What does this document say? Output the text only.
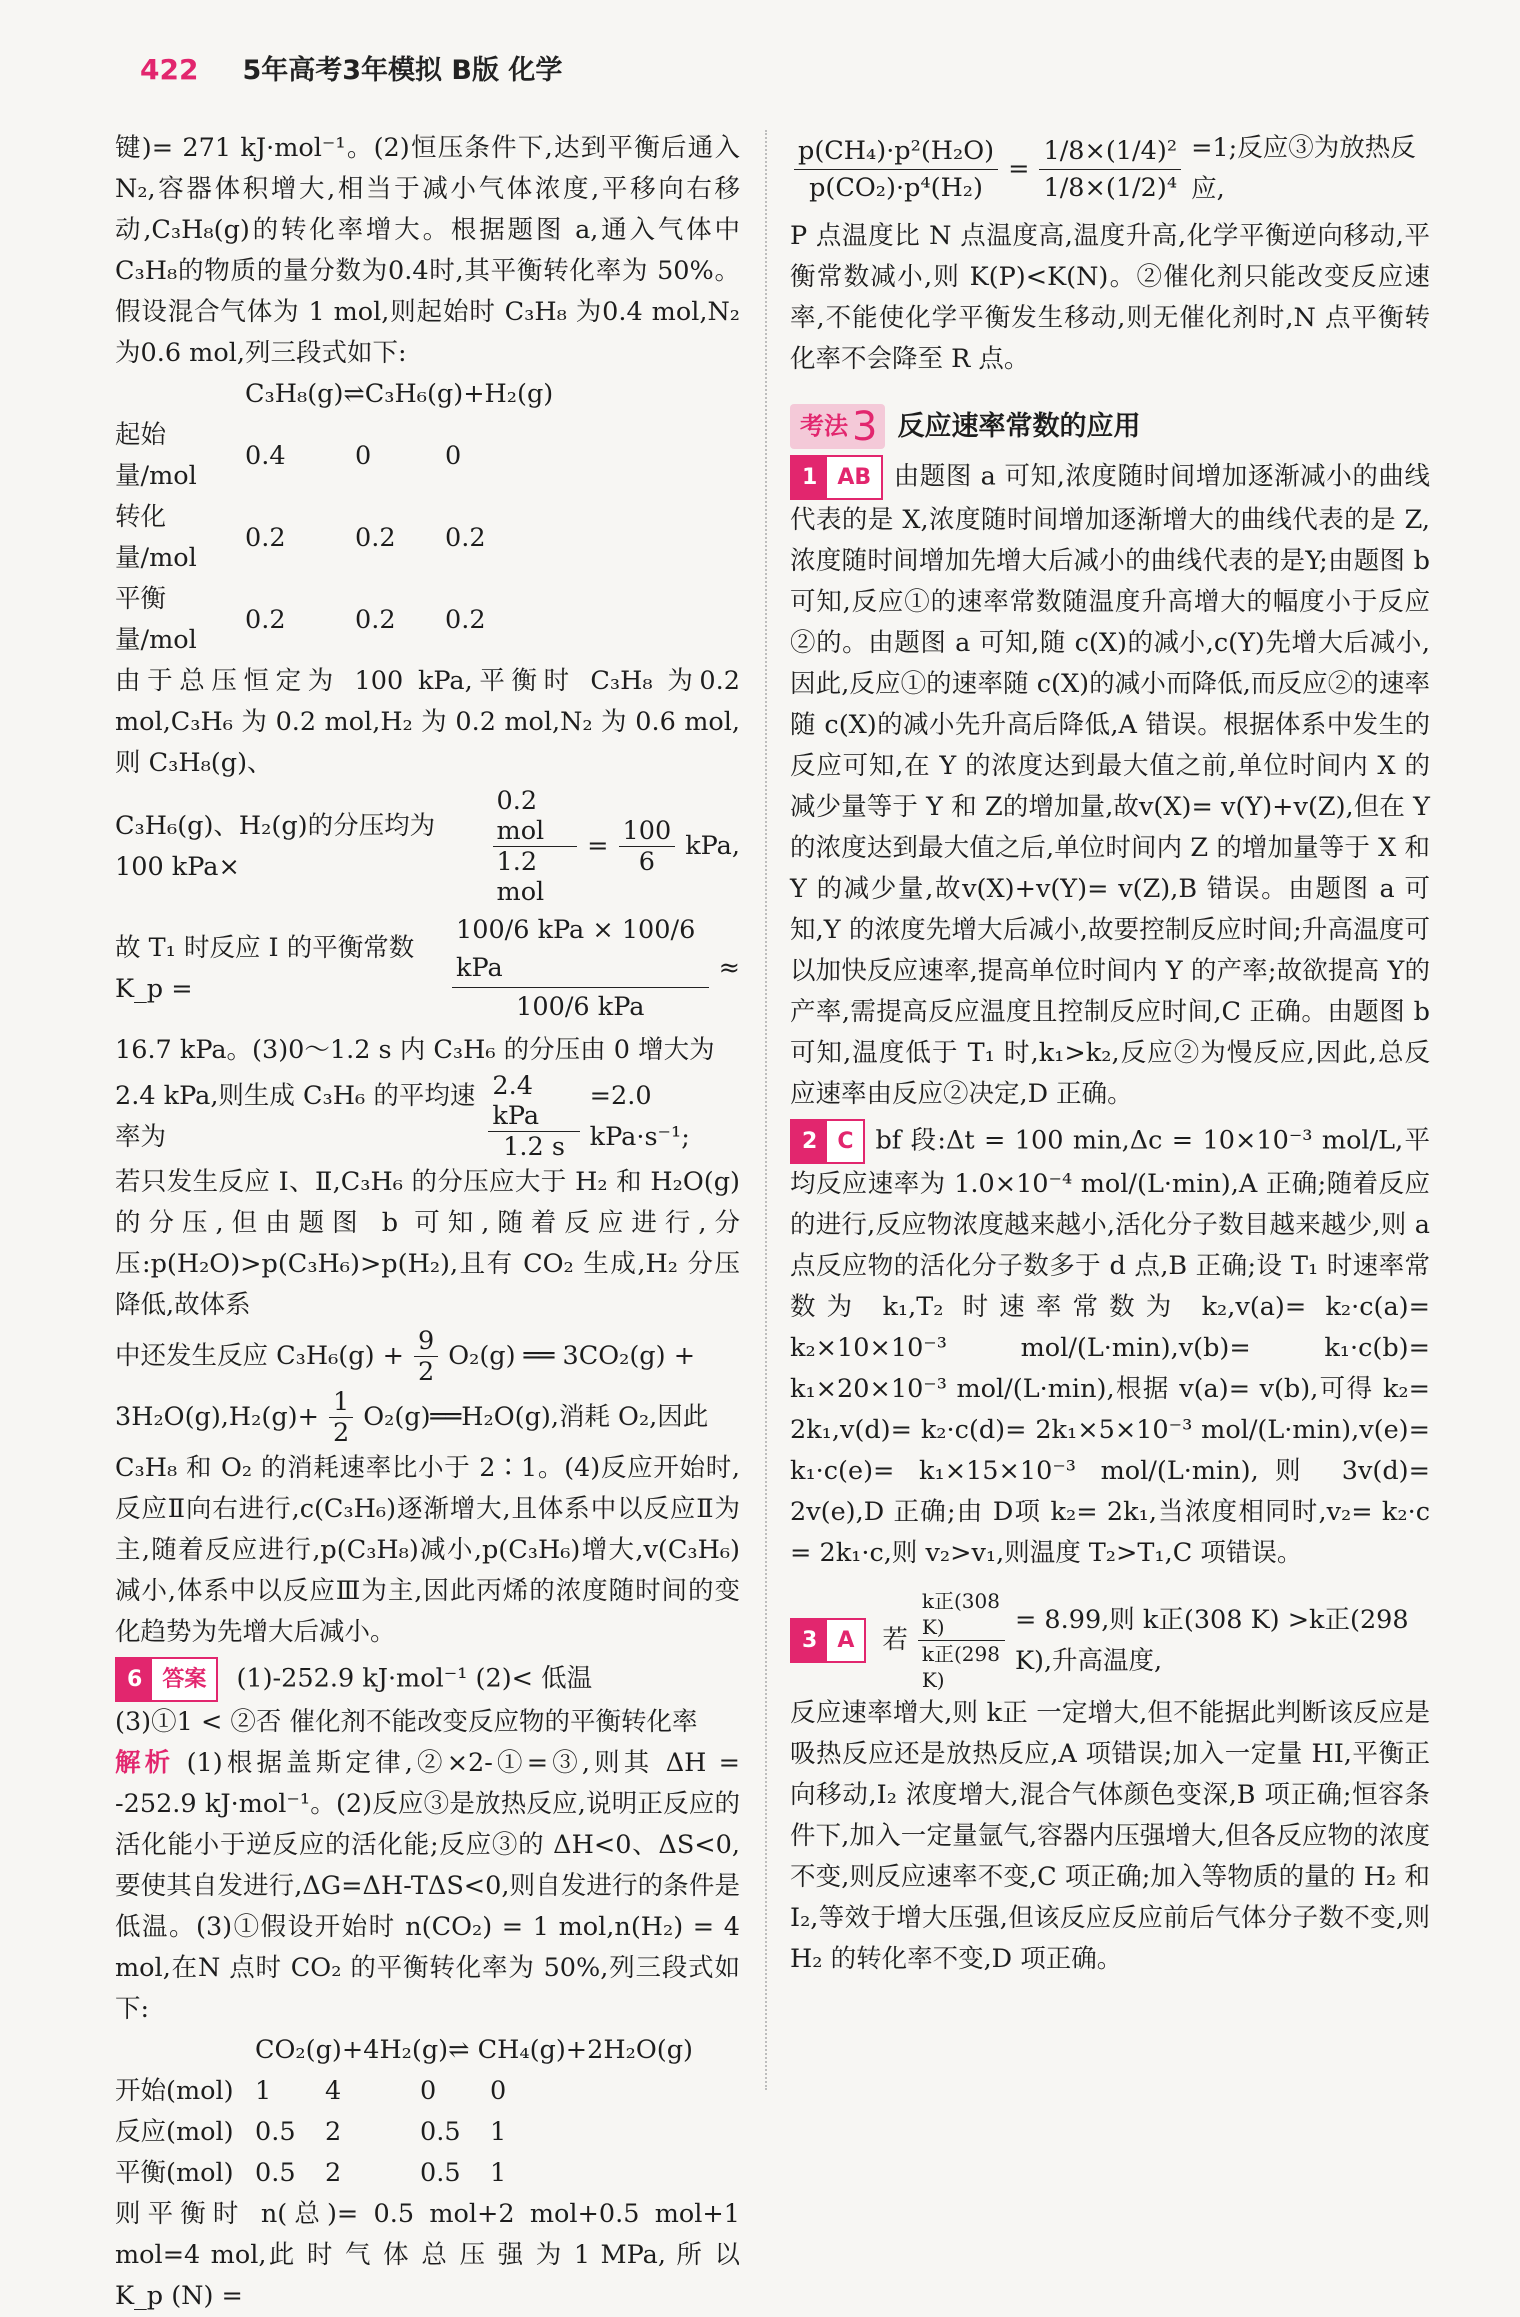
422 5年高考3年模拟 B版 化学

键)= 271 kJ·mol⁻¹。(2)恒压条件下,达到平衡后通入N₂,容器体积增大,相当于减小气体浓度,平移向右移动,C₃H₈(g)的转化率增大。根据题图 a,通入气体中C₃H₈的物质的量分数为0.4时,其平衡转化率为 50%。假设混合气体为 1 mol,则起始时 C₃H₈ 为0.4 mol,N₂ 为0.6 mol,列三段式如下:

C₃H₈(g)⇌C₃H₆(g)+H₂(g)
起始量/mol	0.4	0	0
转化量/mol	0.2	0.2	0.2
平衡量/mol	0.2	0.2	0.2

由于总压恒定为 100 kPa,平衡时 C₃H₈ 为0.2 mol,C₃H₆ 为 0.2 mol,H₂ 为 0.2 mol,N₂ 为 0.6 mol,则 C₃H₈(g)、

C₃H₆(g)、H₂(g)的分压均为 100 kPa×	$\frac{\text{0.2 mol}}{\text{1.2 mol}} = \frac{100}{6}$ kPa,
故 T₁ 时反应 Ⅰ 的平衡常数 K_p =	$\frac{\text{100/6 kPa × 100/6 kPa}}{\text{100/6 kPa}}$ ≈

16.7 kPa。(3)0～1.2 s 内 C₃H₆ 的分压由 0 增大为

2.4 kPa,则生成 C₃H₆ 的平均速率为	$\frac{\text{2.4 kPa}}{1.2 s} =2.0$ kPa·s⁻¹;

若只发生反应 Ⅰ、Ⅱ,C₃H₆ 的分压应大于 H₂ 和 H₂O(g)的分压,但由题图 b 可知,随着反应进行,分压:p(H₂O)>p(C₃H₆)>p(H₂),且有 CO₂ 生成,H₂ 分压降低,故体系

中还发生反应 $C_3H_6(g) + \frac{9}{2} O_2(g)$ ══ 3CO₂(g) +
$3H_2O(g),H_2(g)+ \frac{1}{2}$ O₂(g)══H₂O(g),消耗 O₂,因此

C₃H₈ 和 O₂ 的消耗速率比小于 2∶1。(4)反应开始时,反应Ⅱ向右进行,c(C₃H₆)逐渐增大,且体系中以反应Ⅱ为主,随着反应进行,p(C₃H₈)减小,p(C₃H₆)增大,v(C₃H₆)减小,体系中以反应Ⅲ为主,因此丙烯的浓度随时间的变化趋势为先增大后减小。

6 答案	(1)-252.9 kJ·mol⁻¹ (2)< 低温

(3)①1 < ②否 催化剂不能改变反应物的平衡转化率

解析 (1)根据盖斯定律,②×2-①=③,则其 ΔH = -252.9 kJ·mol⁻¹。(2)反应③是放热反应,说明正反应的活化能小于逆反应的活化能;反应③的 ΔH<0、ΔS<0,要使其自发进行,ΔG=ΔH-TΔS<0,则自发进行的条件是低温。(3)①假设开始时 n(CO₂) = 1 mol,n(H₂) = 4 mol,在N 点时 CO₂ 的平衡转化率为 50%,列三段式如下:

CO₂(g)+4H₂(g)⇌ CH₄(g)+2H₂O(g)
开始(mol)	1	4	0	0
反应(mol)	0.5	2	0.5	1
平衡(mol)	0.5	2	0.5	1

则平衡时 n(总)= 0.5 mol+2 mol+0.5 mol+1 mol=4 mol,此 时 气 体 总 压 强 为 1 MPa, 所 以 K_p (N) =

$\frac{\text{p(CH₄)·p²(H₂O)}}{\text{p(CO₂)·p⁴(H₂)}} = \frac{\text{1/8×(1/4)²}}{\text{1/8×(1/2)⁴}} =1$;反应③为放热反应,

P 点温度比 N 点温度高,温度升高,化学平衡逆向移动,平衡常数减小,则 K(P)<K(N)。②催化剂只能改变反应速率,不能使化学平衡发生移动,则无催化剂时,N 点平衡转化率不会降至 R 点。

考法 3 反应速率常数的应用

1 AB 由题图 a 可知,浓度随时间增加逐渐减小的曲线代表的是 X,浓度随时间增加逐渐增大的曲线代表的是 Z,浓度随时间增加先增大后减小的曲线代表的是Y;由题图 b 可知,反应①的速率常数随温度升高增大的幅度小于反应②的。由题图 a 可知,随 c(X)的减小,c(Y)先增大后减小,因此,反应①的速率随 c(X)的减小而降低,而反应②的速率随 c(X)的减小先升高后降低,A 错误。根据体系中发生的反应可知,在 Y 的浓度达到最大值之前,单位时间内 X 的减少量等于 Y 和 Z的增加量,故v(X)= v(Y)+v(Z),但在 Y 的浓度达到最大值之后,单位时间内 Z 的增加量等于 X 和 Y 的减少量,故v(X)+v(Y)= v(Z),B 错误。由题图 a 可知,Y 的浓度先增大后减小,故要控制反应时间;升高温度可以加快反应速率,提高单位时间内 Y 的产率;故欲提高 Y的产率,需提高反应温度且控制反应时间,C 正确。由题图 b 可知,温度低于 T₁ 时,k₁>k₂,反应②为慢反应,因此,总反应速率由反应②决定,D 正确。

2 C bf 段:Δt = 100 min,Δc = 10×10⁻³ mol/L,平均反应速率为 1.0×10⁻⁴ mol/(L·min),A 正确;随着反应的进行,反应物浓度越来越小,活化分子数目越来越少,则 a 点反应物的活化分子数多于 d 点,B 正确;设 T₁ 时速率常数为 k₁,T₂ 时速率常数为 k₂,v(a)= k₂·c(a)= k₂×10×10⁻³ mol/(L·min),v(b)= k₁·c(b)= k₁×20×10⁻³ mol/(L·min),根据 v(a)= v(b),可得 k₂= 2k₁,v(d)= k₂·c(d)= 2k₁×5×10⁻³ mol/(L·min),v(e)= k₁·c(e)= k₁×15×10⁻³ mol/(L·min),则 3v(d)= 2v(e),D 正确;由 D项 k₂= 2k₁,当浓度相同时,v₂= k₂·c = 2k₁·c,则 v₂>v₁,则温度 T₂>T₁,C 项错误。

3 A	若 $\frac{\text{k正(308 K)}}{\text{k正(298 K)}} = 8.99$,则 k正(308 K) >k正(298 K),升高温度,

反应速率增大,则 k正 一定增大,但不能据此判断该反应是吸热反应还是放热反应,A 项错误;加入一定量 HI,平衡正向移动,I₂ 浓度增大,混合气体颜色变深,B 项正确;恒容条件下,加入一定量氩气,容器内压强增大,但各反应物的浓度不变,则反应速率不变,C 项正确;加入等物质的量的 H₂ 和 I₂,等效于增大压强,但该反应反应前后气体分子数不变,则 H₂ 的转化率不变,D 项正确。
